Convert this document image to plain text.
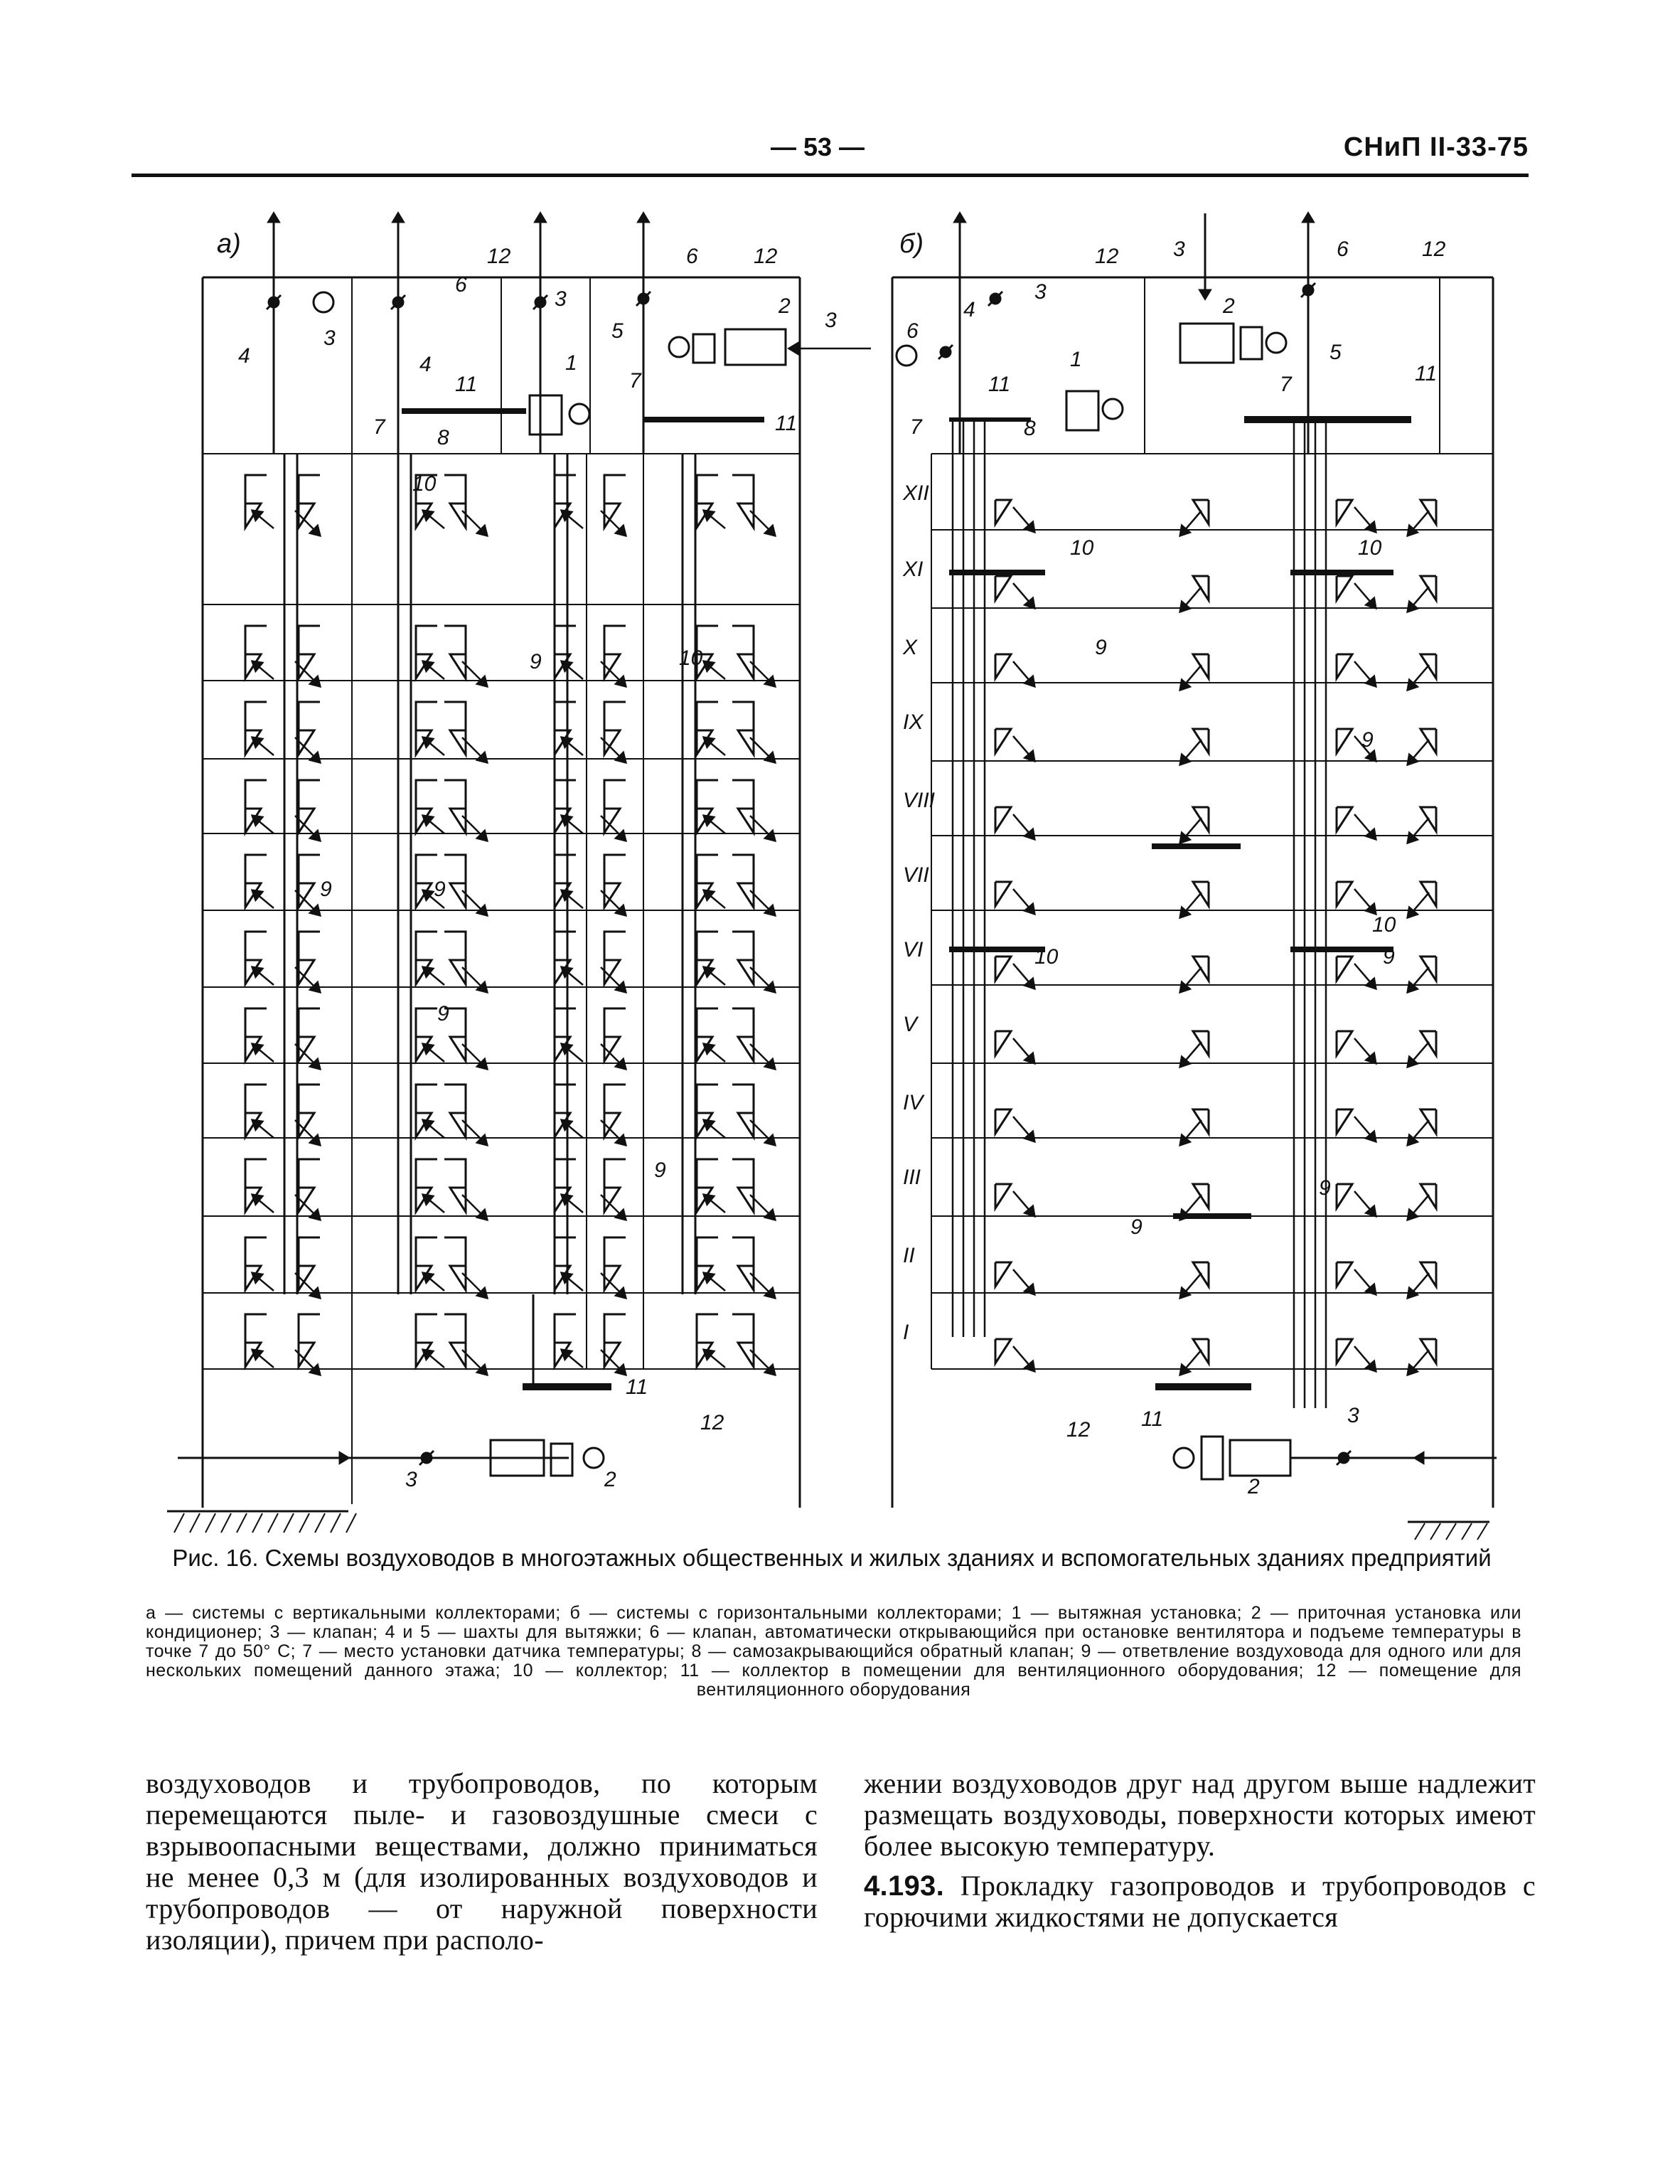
— 53 —	СНиП II-33-75
а)	б)
XII
XI
X
IX
VIII
VII
VI
V
IV
III
II
I
12
6
3
4
3
4
11
1
7 8
10
6	12
2
3
5
7
11
9	10
9	9
9
9
11
12
3	2
12	3	6	12
4
3
6
2
5
1
11	11
7
7
8
10	10
9
9
10
10
9
9
9
11
12
3
2
Рис. 16. Схемы воздуховодов в многоэтажных общественных и жилых зданиях и вспомогательных зданиях предприятий
а — системы с вертикальными коллекторами; б — системы с горизонтальными коллекторами; 1 — вытяжная установка; 2 — приточная установка или кондиционер; 3 — клапан; 4 и 5 — шахты для вытяжки; 6 — клапан, автоматически открывающийся при остановке вентилятора и подъеме температуры в точке 7 до 50° С; 7 — место установки датчика температуры; 8 — самозакрывающийся обратный клапан; 9 — ответвление воздуховода для одного или для нескольких помещений данного этажа; 10 — коллектор; 11 — коллектор в помещении для вентиляционного оборудования; 12 — помещение для вентиляционного оборудования

воздуховодов и трубопроводов, по которым перемещаются пыле- и газовоздушные смеси с взрывоопасными веществами, должно приниматься не менее 0,3 м (для изолированных воздуховодов и трубопроводов — от наружной поверхности изоляции), причем при располо-

жении воздуховодов друг над другом выше надлежит размещать воздуховоды, поверхности которых имеют более высокую температуру.

4.193. Прокладку газопроводов и трубопроводов с горючими жидкостями не допускается
